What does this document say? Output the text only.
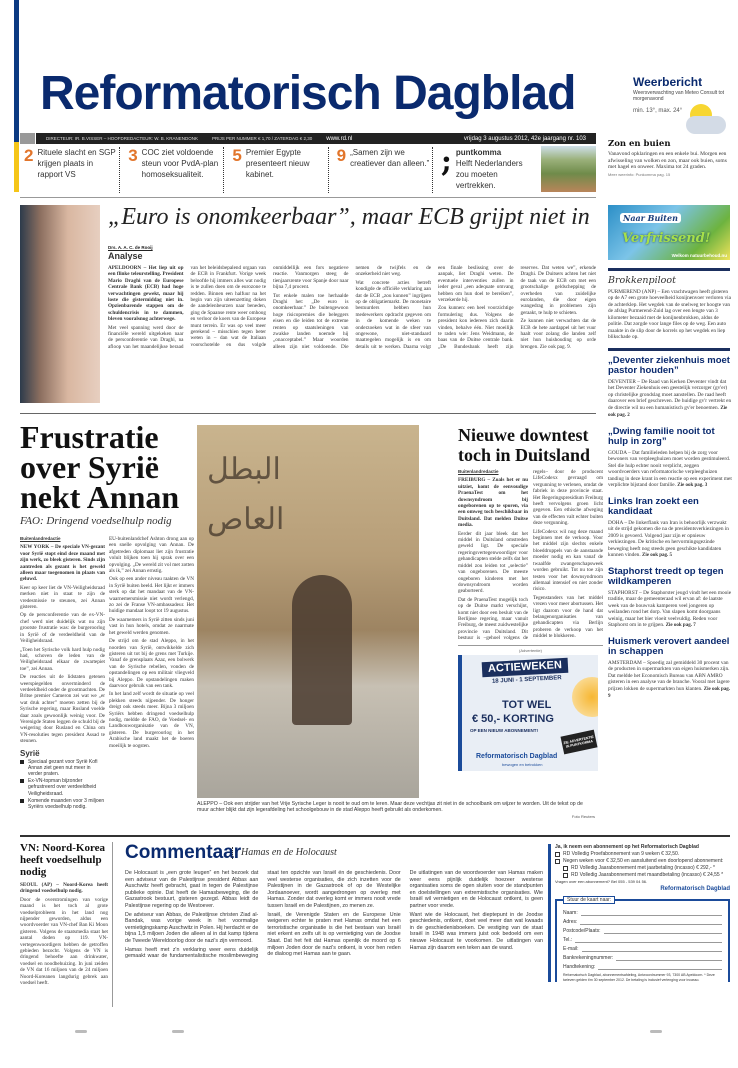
Reformatorisch Dagblad	Weerbericht
Weersverwachting van Meteo Consult tot morgenavond
min. 13°, max. 24°
DIRECTEUR: IR. B.VISSER – HOOFDREDACTEUR: W. B. KRANENDONK	PRIJS PER NUMMER € 1,70 / ZATERDAG € 2,30 www.rd.nl	vrijdag 3 augustus 2012, 42e jaargang nr. 103
2 Rituele slacht en SGP krijgen plaats in rapport VS
3 COC ziet voldoende steun voor PvdA-plan homoseksualiteit.
5 Premier Egypte presenteert nieuw kabinet.
9 „Samen zijn we creatiever dan alleen.” ; puntkomma
Helft Nederlanders zou moeten vertrekken.
Zon en buien
Vanavond opklaringen en een enkele bui. Morgen een afwisseling van wolken en zon, maar ook buien, soms met hagel en onweer. Maxima tot 24 graden.
Meer weerinfo: Punkomma pag. 15
„Euro is onomkeerbaar”, maar ECB grijpt niet in
Drs. A. A. C. de Rooij
Analyse

APELDOORN – Het liep uit op een flinke teleurstelling. President Mario Draghi van de Europese Centrale Bank (ECB) had hoge verwachtingen gewekt, maar hij loste die gistermiddag niet in. Opzienbarende stappen om de schuldencrisis in te dammen, bleven vooralsnog achterwege.

Met veel spanning werd door de financiële wereld uitgekeken naar de persconferentie van Draghi, na afloop van het maandelijkse beraad van het beleidsbepalend orgaan van de ECB in Frankfurt. Vorige week beloofde hij immers alles wat nodig is te zullen doen om de eurozone te redden. Binnen een halfuur na het begin van zijn uiteenzetting doken de aandelenbeurzen naar beneden, ging de Spaanse rente weer omhoog en verloor de koers van de Europese munt terrein. Er was op veel meer gerekend – misschien tegen beter weten in – dan wat de Italiaan voorschotelde en dus volgde onmiddellijk een fors negatieve reactie. Vanmorgen steeg de tienjaarsrente voor Spanje door naar bijna 7,4 procent.

Tot enkele malen toe herhaalde Draghi het: „De euro is onomkeerbaar.” De buitengewoon hoge risicopremies die beleggers eisen en die leiden tot de extreme renten op staatsleningen van zwakke landen noemde hij „onacceptabel.” Maar woorden alleen zijn niet voldoende. Die nemen de twijfels en de onzekerheid niet weg.

Wat concrete acties betreft kondigde de officiële verklaring aan dat de ECB „zou kunnen” ingrijpen op de obligatiemarkt. De monetaire bestuurders hebben hun medewerkers opdracht gegeven om in de komende weken te onderzoeken wat in de sfeer van ongewone, niet-standaard maatregelen mogelijk is en om details uit te werken. Daarna volgt een finale beslissing over de aanpak, liet Draghi weten. De eventuele interventies zullen in ieder geval „een adequate omvang hebben om hun doel te bereiken”, verzekerde hij.

Zou kunnen: een heel voorzichtige formulering dus. Volgens de president kon iedereen zich daarin vinden, behalve één. Niet moeilijk te raden wie: Jens Weidmann, de baas van de Duitse centrale bank. „De Bundesbank heeft zijn reserves. Dat weten we”, erkende Draghi. De Duitsers achten het niet de taak van de ECB om met een grootschalige geldschepping de overheden van zuidelijke eurolanden, die door eigen wangedrag in problemen zijn geraakt, te hulp te schieten.

Ze kunnen niet verwachten dat de ECB de hete aardappel uit het vuur haalt voor zolang die landen zelf niet hun huishouding op orde brengen. Zie ook pag. 9.

Naar Buiten
Verfrissend!
Welkom natuurbehoud.nu
Brokkenpiloot
PURMEREND (ANP) – Een vrachtwagen heeft gisteren op de A7 een grote hoeveelheid konijnenvoer verloren via de achterklep. Het wegdek van de snelweg ter hoogte van de afslag Purmerend-Zuid lag over een lengte van 3 kilometer bezaaid met de konijnenbrokken, aldus de politie. Dat zorgde voor lange files op de weg. Een auto maakte in de slip door de korrels op het wegdek en liep blikschade op.
„Deventer ziekenhuis moet pastor houden”
DEVENTER – De Raad van Kerken Deventer vindt dat het Deventer Ziekenhuis een geestelijk verzorger (gv'er) op christelijke grondslag moet aanstellen. De raad heeft daarover een brief geschreven. De huidige gv'r vertrekt en de directie wil nu een humanistisch gv'er benoemen. Zie ook pag. 2
„Dwing familie nooit tot hulp in zorg”
GOUDA – Dat familieleden helpen bij de zorg voor bewoners van verpleeghuizen moet worden gestimuleerd. Stel die hulp echter nooit verplicht, zeggen woordvoerders van reformatorische verpleeghuizen tandiug in deze krant in een reactie op een experiment met verplichte bijstand door familie. Zie ook pag. 3
Links Iran zoekt een kandidaat
DOHA – De linkerflank van Iran is behoorlijk verzwakt uit de strijd gekomen die na de presidentsverkiezingen in 2009 is gevoerd. Volgend jaar zijn er opnieuw verkiezingen. De kritische en hervormingsgezinde beweging heeft nog steeds geen geschikte kandidaten kunnen vinden. Zie ook pag. 5
Staphorst treedt op tegen wildkamperen
STAPHORST – De Staphorster jeugd vindt het een mooie traditie, maar de gemeenteraad wil ervan af: de laatste week van de bouwvak kamperen veel jongeren op weilanden rond het dorp. Van slapen komt doorgaans weinig, maar het bier vloeit veelvuldig. Reden voor Staphorst om in te grijpen. Zie ook pag. 7
Huismerk verovert aandeel in schappen
AMSTERDAM – Spoedig zal gemiddeld 30 procent van de producten in supermarkten van eigen huismerken zijn. Dat meldde het Economisch Bureau van ABN AMRO gisteren in een analyse van de branche. Vooral met lagere prijzen lokken de supermarkten hun klanten. Zie ook pag. 9
Frustratie over Syrië nekt Annan
FAO: Dringend voedselhulp nodig

Buitenlandredactie

NEW YORK – De speciale VN-gezant voor Syrië stopt eind deze maand met zijn werk, zo bleek gisteren. Sinds zijn aantreden als gezant is het geweld alleen maar toegenomen in plaats van geluwd.

Keer op keer liet de VN-Veiligheidsraad merken niet in staat te zijn de vredesmissie te steunen, zei Annan gisteren.

Op de persconferentie van de ex-VN-chef werd niet duidelijk wat nu zijn grootste frustratie was: de burgeroorlog in Syrië of de verdeeldheid van de Veiligheidsraad.

„Toen het Syrische volk hard hulp nodig had, schoven de leden van de Veiligheidsraad elkaar de zwartepiet toe”, zei Annan.

De reacties uit de lidstaten getenen weerspiegelden onverminderd de verdeeldheid onder de grootmachten. De Britse premier Cameron zei wat we „er wat druk achter” moeten zetten bij de Syrische regering, maar Rusland voelde daar zoals gewoonlijk weinig voor. De Verenigde Staten leggen de schuld bij de weigering door Rusland en China om VN-resoluties tegen president Assad te steunen.

Syrië
Speciaal gezant voor Syrië Kofi Annan ziet geen nut meer in verder praten.
Ex-VN-topman bijzonder gefrustreerd over verdeeldheid Veiligheidsraad.
Komende maanden voor 3 miljoen Syriërs voedselhulp nodig.

EU-buitenlandchef Ashton drong aan op een snelle opvolging van Annan. De afgetreden diplomaat liet zijn frustratie voluit blijken toen hij sprak over een opvolging. „De wereld zit vol met zotten als ik,” zei Annan ernstig.

Ook op een ander niveau raakten de VN in Syrië buiten beeld. Het lijkt er immers sterk op dat het mandaat van de VN-waarnemersmissie niet wordt verlengd, zo zei de Franse VN-ambassadeur. Het huidige mandaat loopt tot 19 augustus.

De waarnemers in Syrië zitten sinds juni vast in hun hotels, omdat ze naarmate het geweld werden genomen.

De strijd om de stad Aleppo, in het noorden van Syrië, ontwikkelde zich gisteren uit tot bij de grens met Turkije. Vanaf de grensplaats Azaz, een bolwerk van de Syrische rebellen, vonden de opstandelingen op een militair vliegveld bij Aleppo. De opstandelingen maken daarvoor gebruik van een tank.

In het land zelf wordt de situatie op veel plekken steeds nijpender. De honger dreigt ook steeds meer. Bijna 3 miljoen Syriërs hebben dringend voedselhulp nodig, meldde de FAO, de Voedsel- en Landbouworganisatie van de VN, gisteren. De burgeroorlog in het Arabische land maakt het de boeren moeilijk te oogsten.

ﺍﻟﺒﻄﻞ
ﺍﻟﻌﺎﺹ
ALEPPO – Ook een strijder van het Vrije Syrische Leger is nooit te oud om te leren. Maar deze vechtjas zit niet in de schoolbank om wijzer te worden. Uit de tekst op de muur achter blijkt dat zijn legerafdeling het schoolgebouw in de stad Aleppo heeft gebruikt als onderkomen.
Foto Reuters
Nieuwe downtest toch in Duitsland

Buitenlandredactie

FREIBURG – Zoals het er nu uitziet, komt de eenvoudige PraenaTest om het downsyndroom bij ongeborenen op te sporen, via een omweg toch beschikbaar in Duitsland. Dat melden Duitse media.

Eerder dit jaar bleek dat het middel in Duitsland omstreden geweld ligt. De speciale regeringsvertegenwoordiger voor gehandicapten stelde zelfs dat het middel zou leiden tot „selectie” van ongeborenen. De meeste ongeboren kinderen met het downsyndroom worden geaborteerd.

Dat de PraenaTest mogelijk toch op de Duitse markt verschijnt, komt niet door een besluit van de Berlijnse regering, maar vanuit Freiburg, de meest zuidwestelijke provincie van Duitsland. Dit bestuur is –gehoel volgens de regels– door de producent LifeCodexx gevraagd om vergunning te verlenen, omdat de fabriek in deze provincie staat. Het Regeringspresidium Freiburg heeft vervolgens groen licht gegeven. Een ethische afweging van de effecten valt echter buiten deze vergunning.

LifeCodexx wil nog deze maand beginnen met de verkoop. Voor het middel zijn slechts enkele bloeddruppels van de aanstaande moeder nodig en kan vanaf de twaalfde zwangerschapsweek worden gebruikt. Tot nu toe zijn testen voor het downsyndroom allemaal intensief en niet zonder risico.

Tegenstanders van het middel vrezen voor meer abortussen. Het ligt daarom voor de hand dat belangenorganisaties van gehandicapten via Berlijn proberen de verkoop van het middel te blokkeren.

(Advertentie)
ACTIEWEKEN
18 JUNI - 1 SEPTEMBER
TOT WEL
€ 50,- KORTING
OP EEN NIEUW ABONNEMENT!
ZIE ADVERTENTIE IN PUNTKOMMA
Reformatorisch Dagblad
bewogen en betrokken
VN: Noord-Korea heeft voedselhulp nodig

SEOUL (AP) – Noord-Korea heeft dringend voedselhulp nodig.

Door de overstromingen van vorige maand is het toch al grote voedselprobleem in het land nog nijpender geworden, aldus een woordvoerder van VN-chef Ban Ki Moon gisteren. Volgens de staatsmedia staat het aantal doden op 119. VN-vertegenwoordigers hebben de getroffen gebieden bezocht. Volgens de VN is dringend behoefte aan drinkwater, voedsel en noodbehuizing. In juni zeiden de VN dat 16 miljoen van de 24 miljoen Noord-Koreanen langdurig gebrek aan voedsel heeft.

Commentaar Hamas en de Holocaust

De Holocaust is „een grote leugen” en het bezoek dat een adviseur van de Palestijnse president Abbas aan Auschwitz heeft gebracht, gaat in tegen de Palestijnse publieke opinie. Dat heeft de Hamasbeweging, die de Gazastrook bestuurt, gisteren gezegd. Abbas leidt de Palestijnse regering op de Westoever.

De adviseur van Abbas, de Palestijnse christen Ziad al-Bandak, was vorige week in het voormalige vernietigingskamp Auschwitz in Polen. Hij herdacht er de bijna 1,5 miljoen Joden die alleen al in dat kamp tijdens de Tweede Wereldoorlog door de nazi's zijn vermoord.

Hamas heeft met z'n verklaring weer eens duidelijk gemaakt waar de fundamentalistische moslimbeweging staat ten opzichte van Israël én de geschiedenis. Door veel westerse organisaties, die zich inzetten voor de Palestijnen in de Gazastrook of op de Westelijke Jordaanoever, wordt aangedrongen op overleg met Hamas. Zonder dat overleg komt er immers nooit vrede tussen Israël en de Palestijnen, zo menen ze.

Israël, de Verenigde Staten en de Europese Unie weigeren echter te praten met Hamas omdat het een terroristische organisatie is die het bestaan van Israël niet erkent en zelfs uit is op vernietiging van de Joodse Staat. Dat het feit dat Hamas openlijk de moord op 6 miljoen Joden door de nazi's ontkent, is voor hen reden de dialoog met Hamas aan te gaan.

De uitlatingen van de woordvoerder van Hamas maken weer eens pijnlijk duidelijk hoezeer westerse organisaties soms de ogen sluiten voor de standpunten en doelstellingen van extremistische organisaties. Wie Israël wil vernietigen en de Holocaust ontkent, is geen partner voor vrede.

Want wie de Holocaust, het dieptepunt in de Joodse geschiedenis, ontkent, doet veel meer dan wat kwaads in de geschiedenisboeken. De vestiging van de staat Israël in 1948 was immers juist ook bedoeld om een nieuwe Holocaust te voorkomen. De uitlatingen van Hamas zijn daarom een teken aan de wand.

Ja, ik neem een abonnement op het Reformatorisch Dagblad
RD Volledig Proefabonnement van 9 weken € 32,50.
Negen weken voor € 32,50 en aansluitend een doorlopend abonnement:
RD Volledig Jaarabonnement met jaarbetaling (incasso) € 292,- *
RD Volledig Jaarabonnement met maandbetaling (incasso) € 24,55 *
Vragen over een abonnement? Bel 055 - 539 04 56.
Reformatorisch Dagblad
Stuur de kaart naar:
Naam:
Adres:
Postcode/Plaats:
Tel.:
E-mail:
Bankrekeningnummer:
Handtekening:
Reformatorisch Dagblad, abonnementsafdeling, Antwoordnummer 93, 7300 AB Apeldoorn. * Deze tarieven gelden t/m 30 september 2012. De betaling is inclusief verlenging voor incasso.
